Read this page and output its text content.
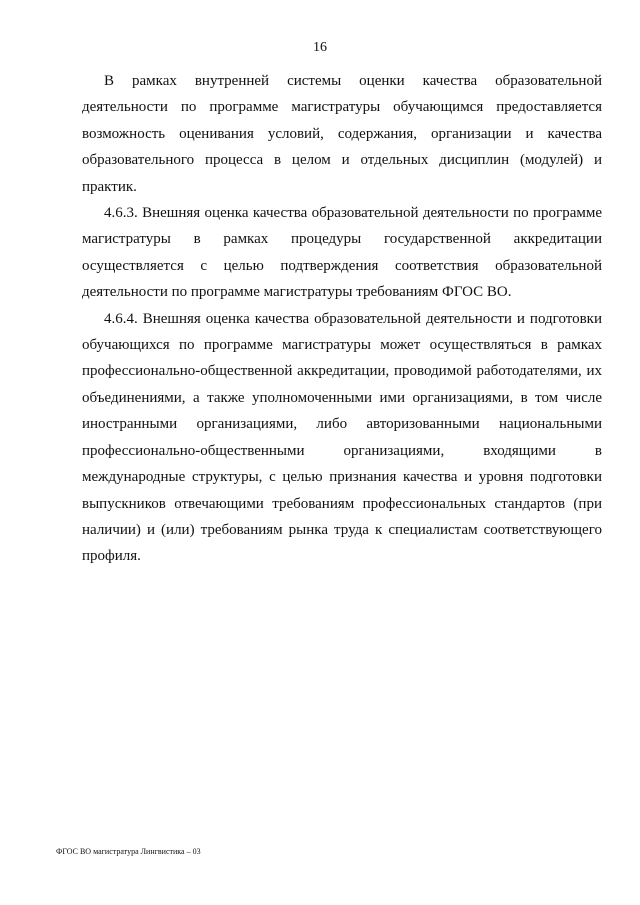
16

В рамках внутренней системы оценки качества образовательной деятельности по программе магистратуры обучающимся предоставляется возможность оценивания условий, содержания, организации и качества образовательного процесса в целом и отдельных дисциплин (модулей) и практик.

4.6.3. Внешняя оценка качества образовательной деятельности по программе магистратуры в рамках процедуры государственной аккредитации осуществляется с целью подтверждения соответствия образовательной деятельности по программе магистратуры требованиям ФГОС ВО.

4.6.4. Внешняя оценка качества образовательной деятельности и подготовки обучающихся по программе магистратуры может осуществляться в рамках профессионально-общественной аккредитации, проводимой работодателями, их объединениями, а также уполномоченными ими организациями, в том числе иностранными организациями, либо авторизованными национальными профессионально-общественными организациями, входящими в международные структуры, с целью признания качества и уровня подготовки выпускников отвечающими требованиям профессиональных стандартов (при наличии) и (или) требованиям рынка труда к специалистам соответствующего профиля.

ФГОС ВО магистратура Лингвистика – 03
